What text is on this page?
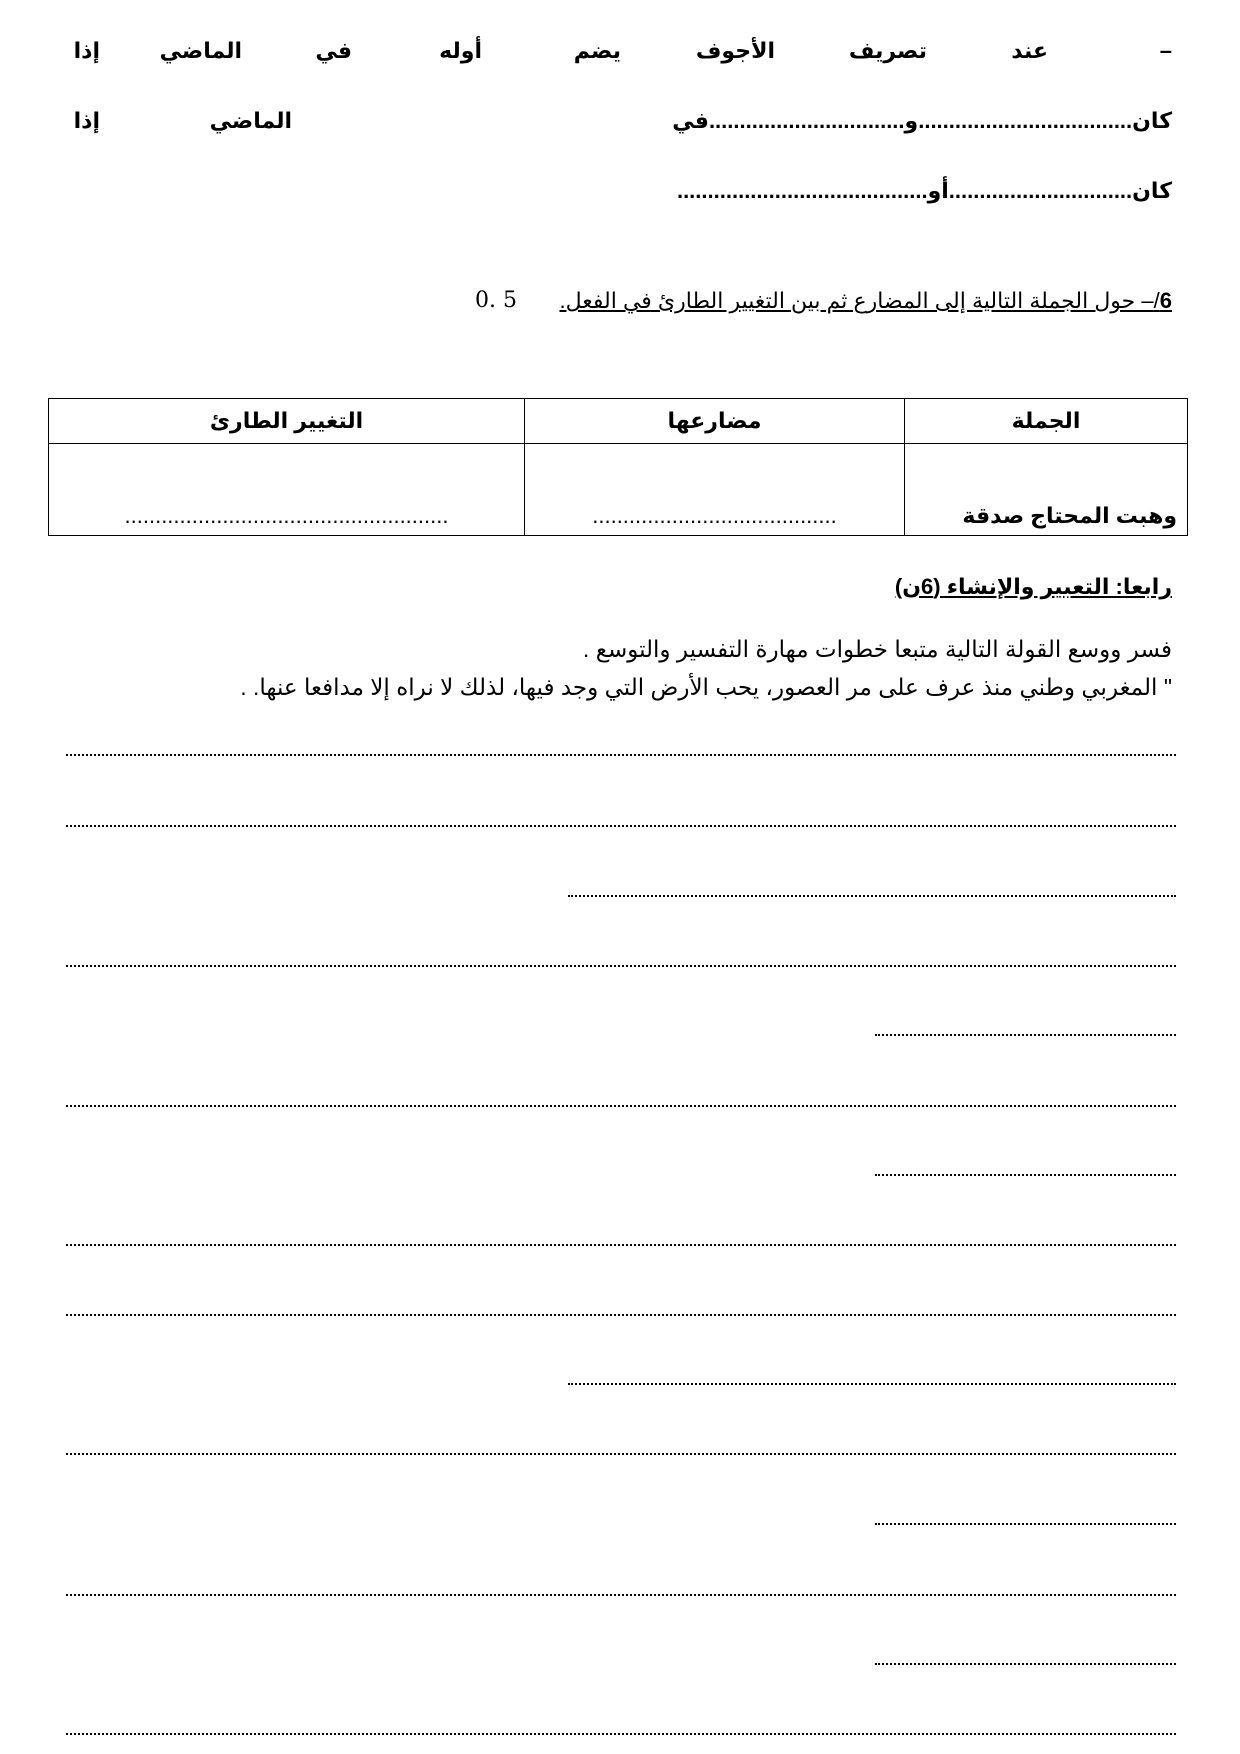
–
عند
تصريف
الأجوف
يضم
أوله
في
الماضي
إذا
كان...................................و................................في
الماضي
إذا
كان..............................أو.........................................
6/– حول الجملة التالية إلى المضارع ثم بين التغيير الطارئ في الفعل.
0. 5
الجملة	مضارعها	التغيير الطارئ
وهبت المحتاج صدقة	........................................	.....................................................
رابعا: التعبير والإنشاء (6ن)
فسر ووسع القولة التالية متبعا خطوات مهارة التفسير والتوسع .
" المغربي وطني منذ عرف على مر العصور، يحب الأرض التي وجد فيها، لذلك لا نراه إلا مدافعا عنها. .
